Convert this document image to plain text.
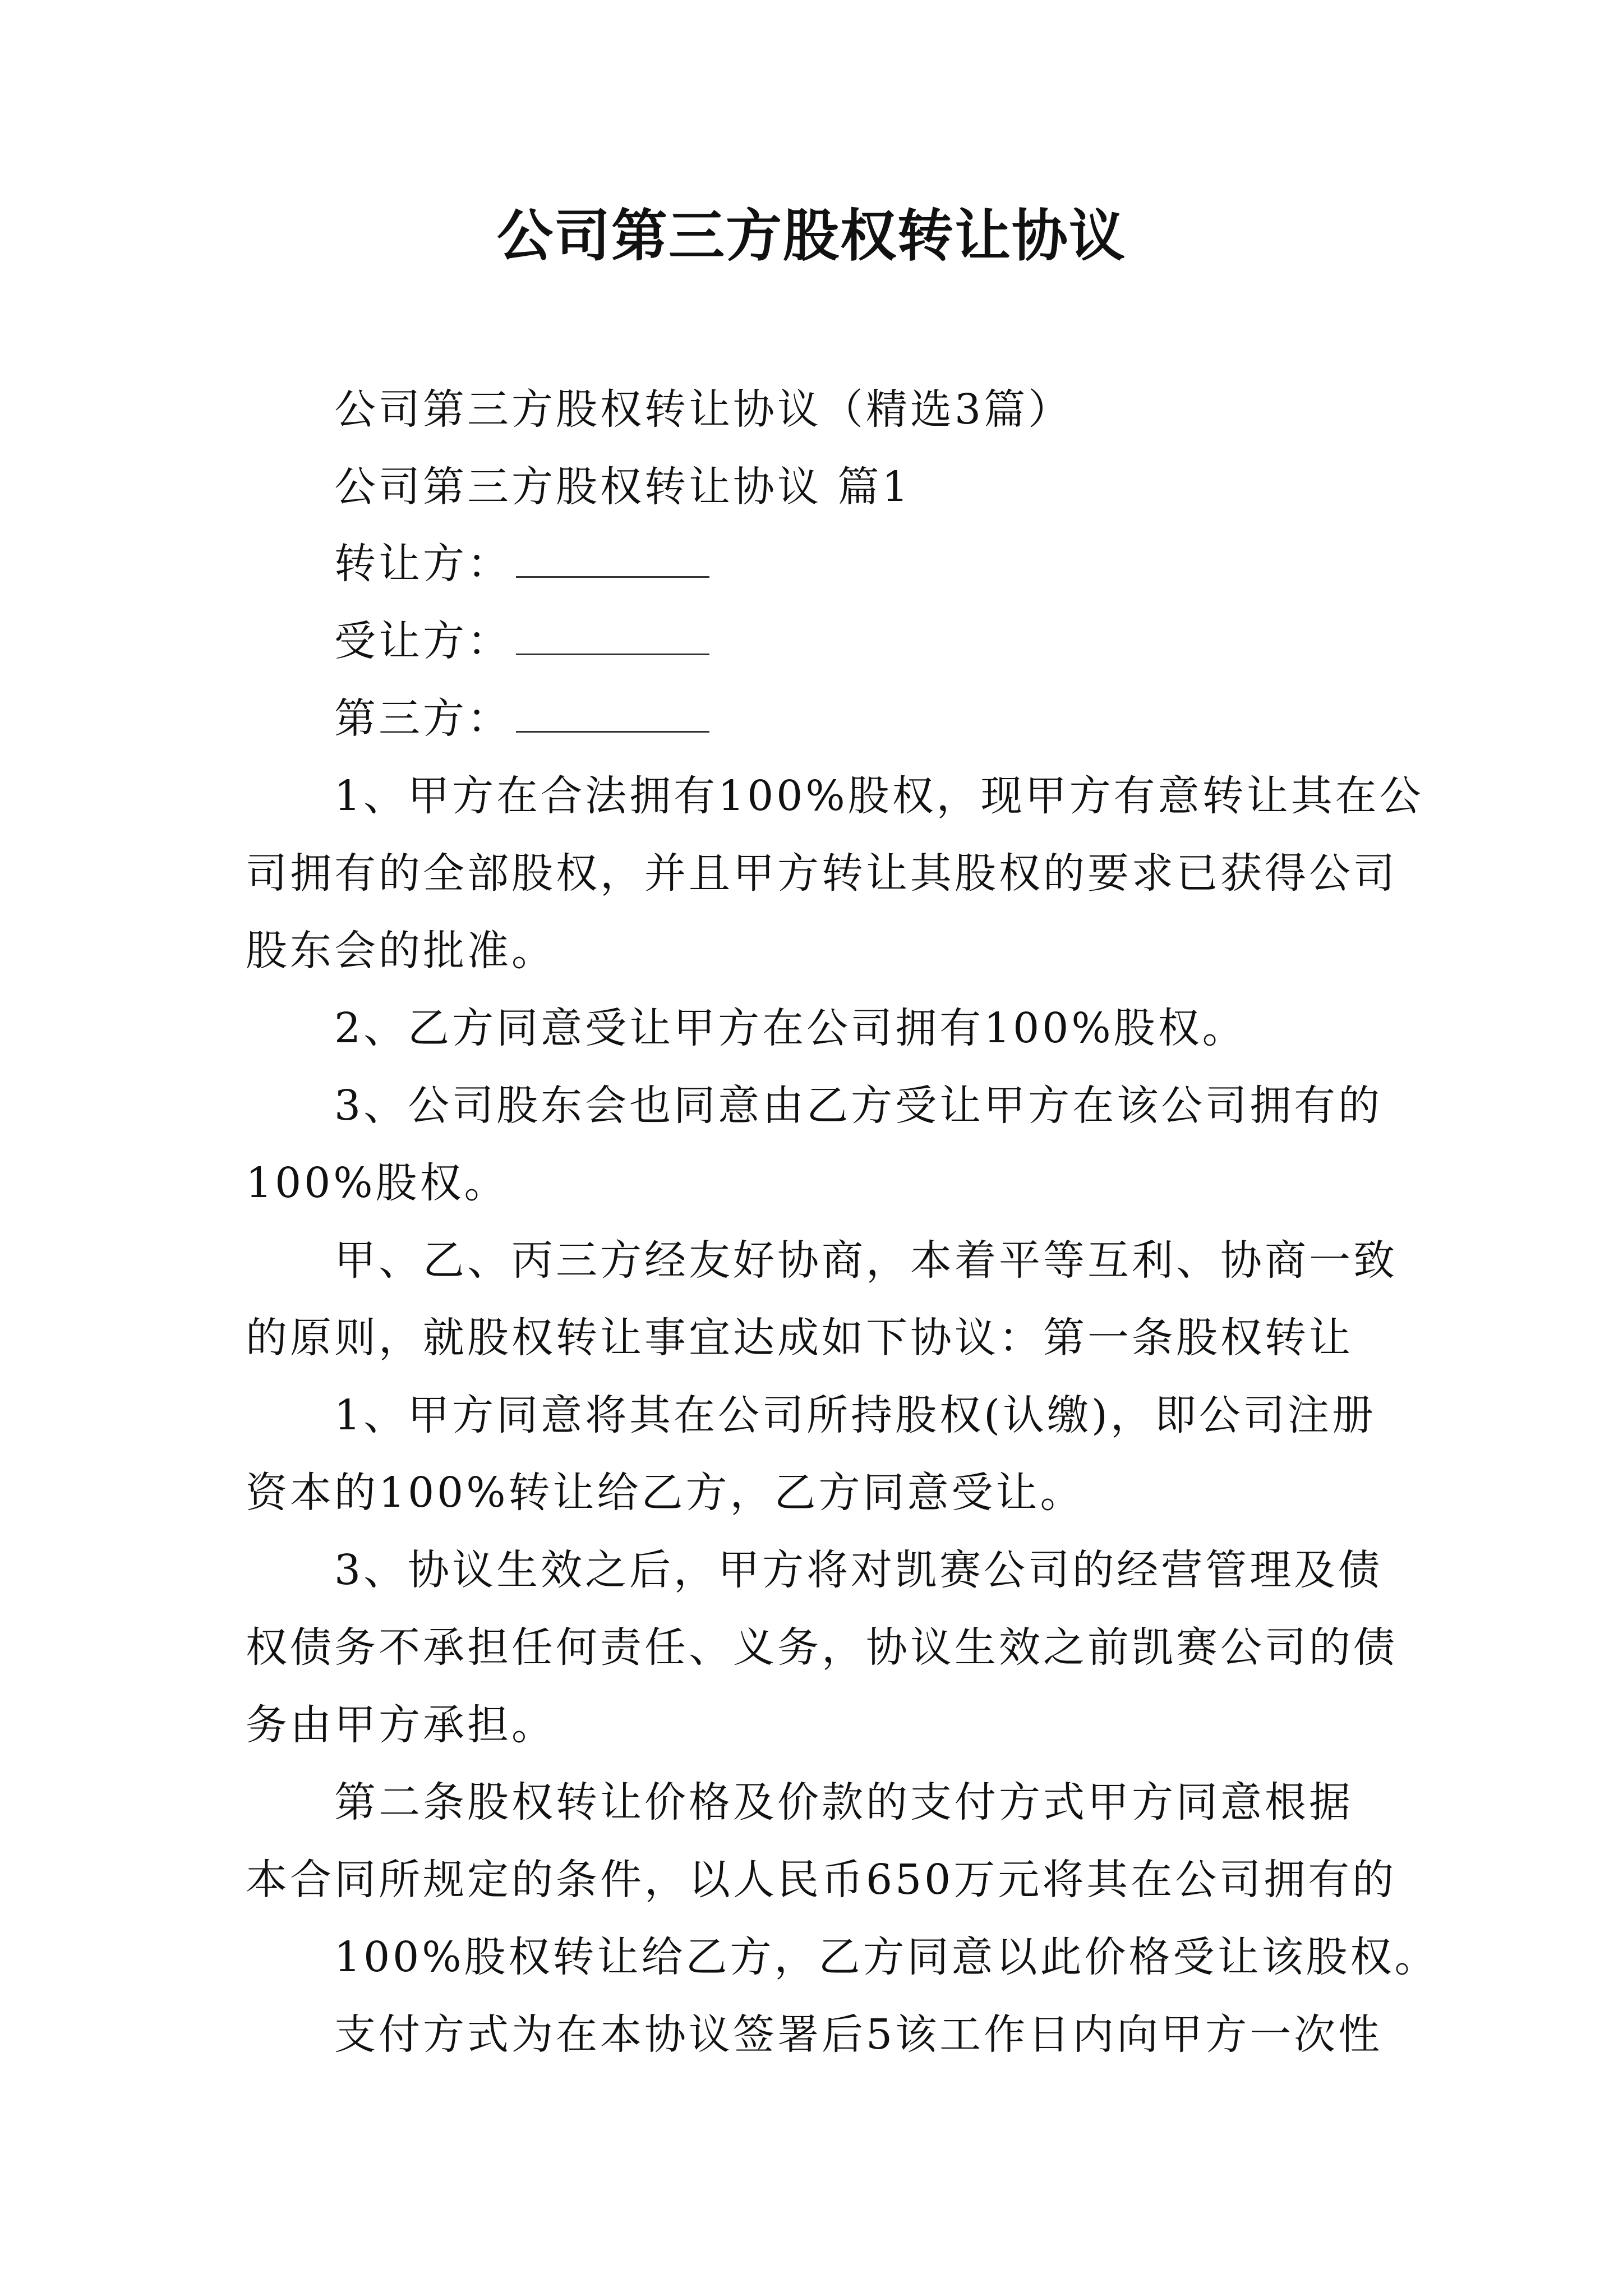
公司第三方股权转让协议
公司第三方股权转让协议（精选3篇）
公司第三方股权转让协议 篇1
转让方：
受让方：
第三方：
1、甲方在合法拥有100%股权，现甲方有意转让其在公
司拥有的全部股权，并且甲方转让其股权的要求已获得公司
股东会的批准。
2、乙方同意受让甲方在公司拥有100%股权。
3、公司股东会也同意由乙方受让甲方在该公司拥有的
100%股权。
甲、乙、丙三方经友好协商，本着平等互利、协商一致
的原则，就股权转让事宜达成如下协议：第一条股权转让
1、甲方同意将其在公司所持股权(认缴)，即公司注册
资本的100%转让给乙方，乙方同意受让。
3、协议生效之后，甲方将对凯赛公司的经营管理及债
权债务不承担任何责任、义务，协议生效之前凯赛公司的债
务由甲方承担。
第二条股权转让价格及价款的支付方式甲方同意根据
本合同所规定的条件，以人民币650万元将其在公司拥有的
100%股权转让给乙方，乙方同意以此价格受让该股权。
支付方式为在本协议签署后5该工作日内向甲方一次性
